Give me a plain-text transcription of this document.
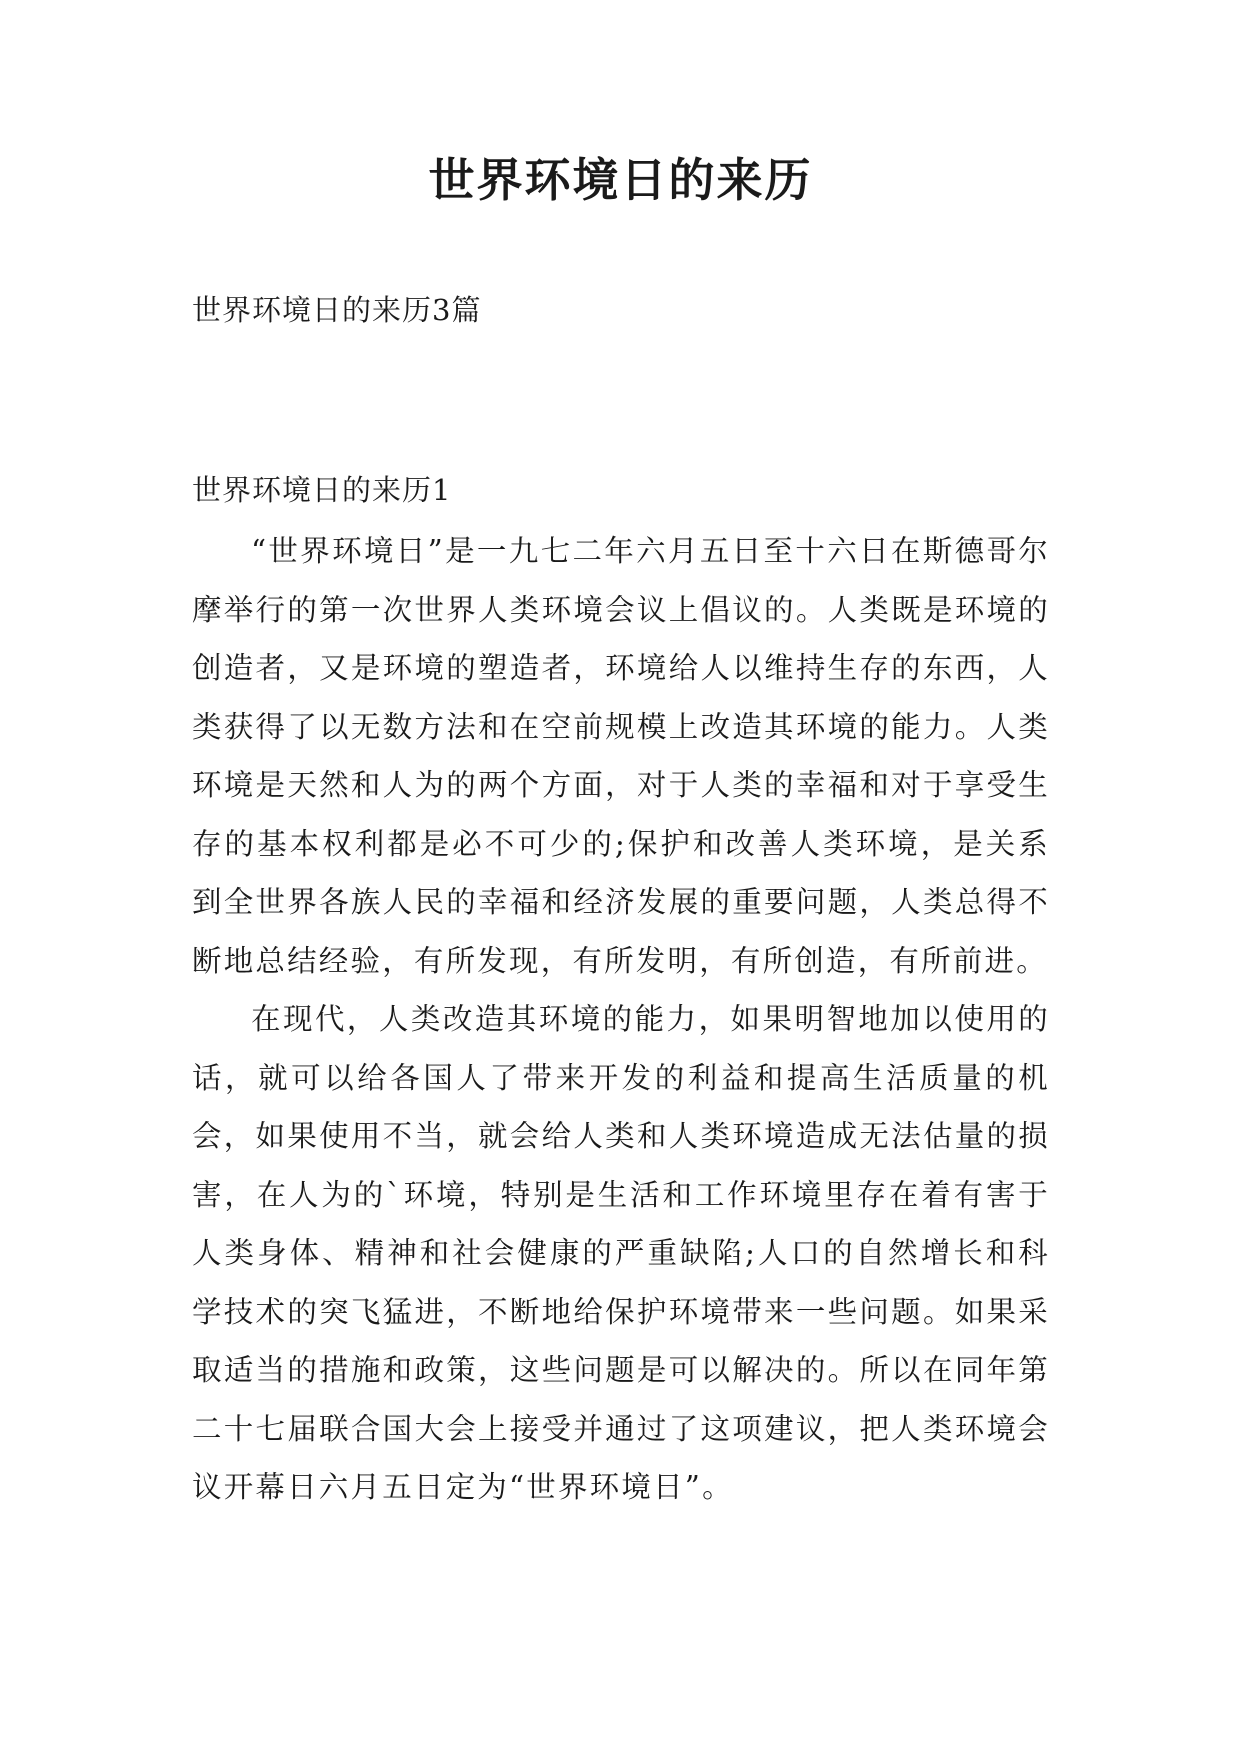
世界环境日的来历
世界环境日的来历3篇
世界环境日的来历1

“世界环境日”是一九七二年六月五日至十六日在斯德哥尔摩举行的第一次世界人类环境会议上倡议的。人类既是环境的创造者，又是环境的塑造者，环境给人以维持生存的东西，人类获得了以无数方法和在空前规模上改造其环境的能力。人类环境是天然和人为的两个方面，对于人类的幸福和对于享受生存的基本权利都是必不可少的;保护和改善人类环境，是关系到全世界各族人民的幸福和经济发展的重要问题，人类总得不断地总结经验，有所发现，有所发明，有所创造，有所前进。

在现代，人类改造其环境的能力，如果明智地加以使用的话，就可以给各国人了带来开发的利益和提高生活质量的机会，如果使用不当，就会给人类和人类环境造成无法估量的损害，在人为的`环境，特别是生活和工作环境里存在着有害于人类身体、精神和社会健康的严重缺陷;人口的自然增长和科学技术的突飞猛进，不断地给保护环境带来一些问题。如果采取适当的措施和政策，这些问题是可以解决的。所以在同年第二十七届联合国大会上接受并通过了这项建议，把人类环境会议开幕日六月五日定为“世界环境日”。
